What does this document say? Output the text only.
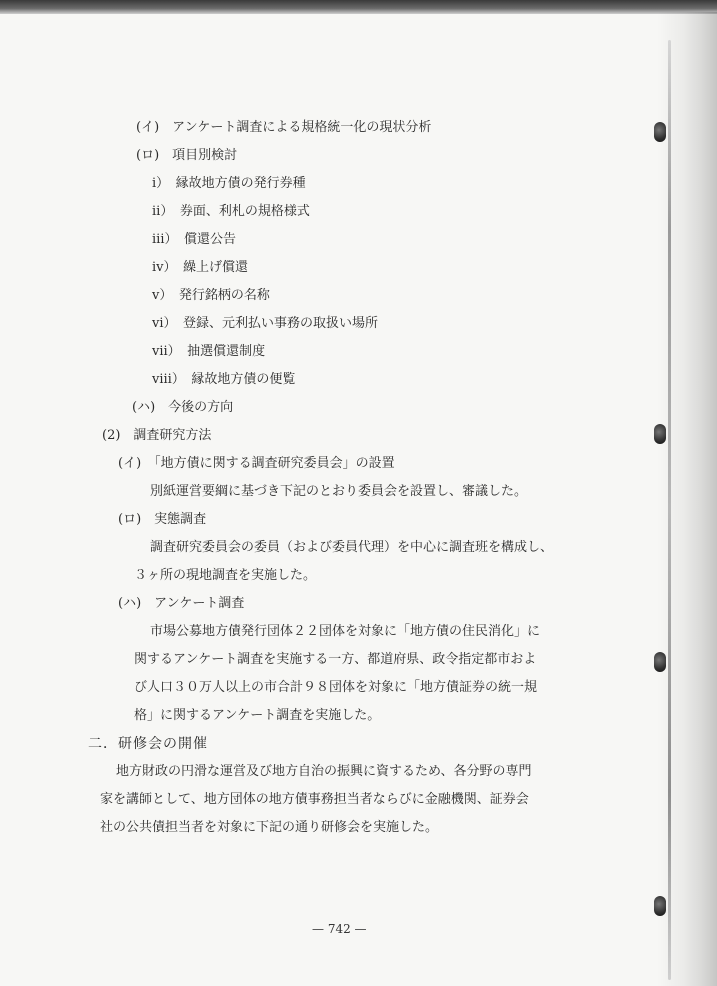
(イ)　アンケート調査による規格統一化の現状分析
(ロ)　項目別検討
ⅰ）　縁故地方債の発行券種
ⅱ）　券面、利札の規格様式
ⅲ）　償還公告
ⅳ）　繰上げ償還
ⅴ）　発行銘柄の名称
ⅵ）　登録、元利払い事務の取扱い場所
ⅶ）　抽選償還制度
ⅷ）　縁故地方債の便覧
(ハ)　今後の方向
(2)　調査研究方法
(イ)　「地方債に関する調査研究委員会」の設置
別紙運営要綱に基づき下記のとおり委員会を設置し、審議した。
(ロ)　実態調査
調査研究委員会の委員（および委員代理）を中心に調査班を構成し、
３ヶ所の現地調査を実施した。
(ハ)　アンケート調査
市場公募地方債発行団体２２団体を対象に「地方債の住民消化」に
関するアンケート調査を実施する一方、都道府県、政令指定都市およ
び人口３０万人以上の市合計９８団体を対象に「地方債証券の統一規
格」に関するアンケート調査を実施した。
二．研修会の開催
地方財政の円滑な運営及び地方自治の振興に資するため、各分野の専門
家を講師として、地方団体の地方債事務担当者ならびに金融機関、証券会
社の公共債担当者を対象に下記の通り研修会を実施した。
— 742 —
